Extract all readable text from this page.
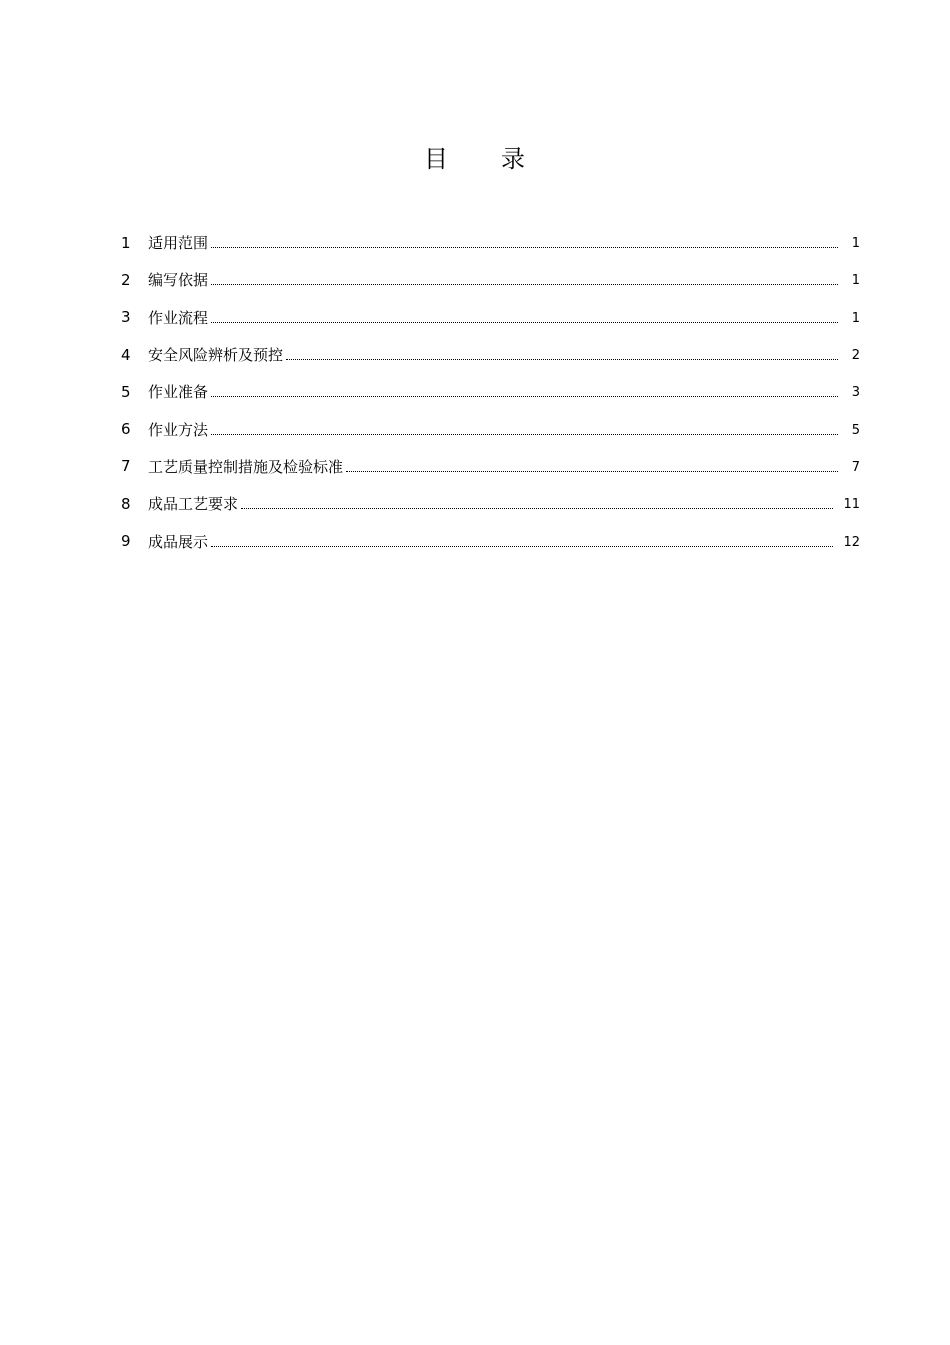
目 录
1	适用范围	1
2	编写依据	1
3	作业流程	1
4	安全风险辨析及预控	2
5	作业准备	3
6	作业方法	5
7	工艺质量控制措施及检验标准	7
8	成品工艺要求	11
9	成品展示	12
